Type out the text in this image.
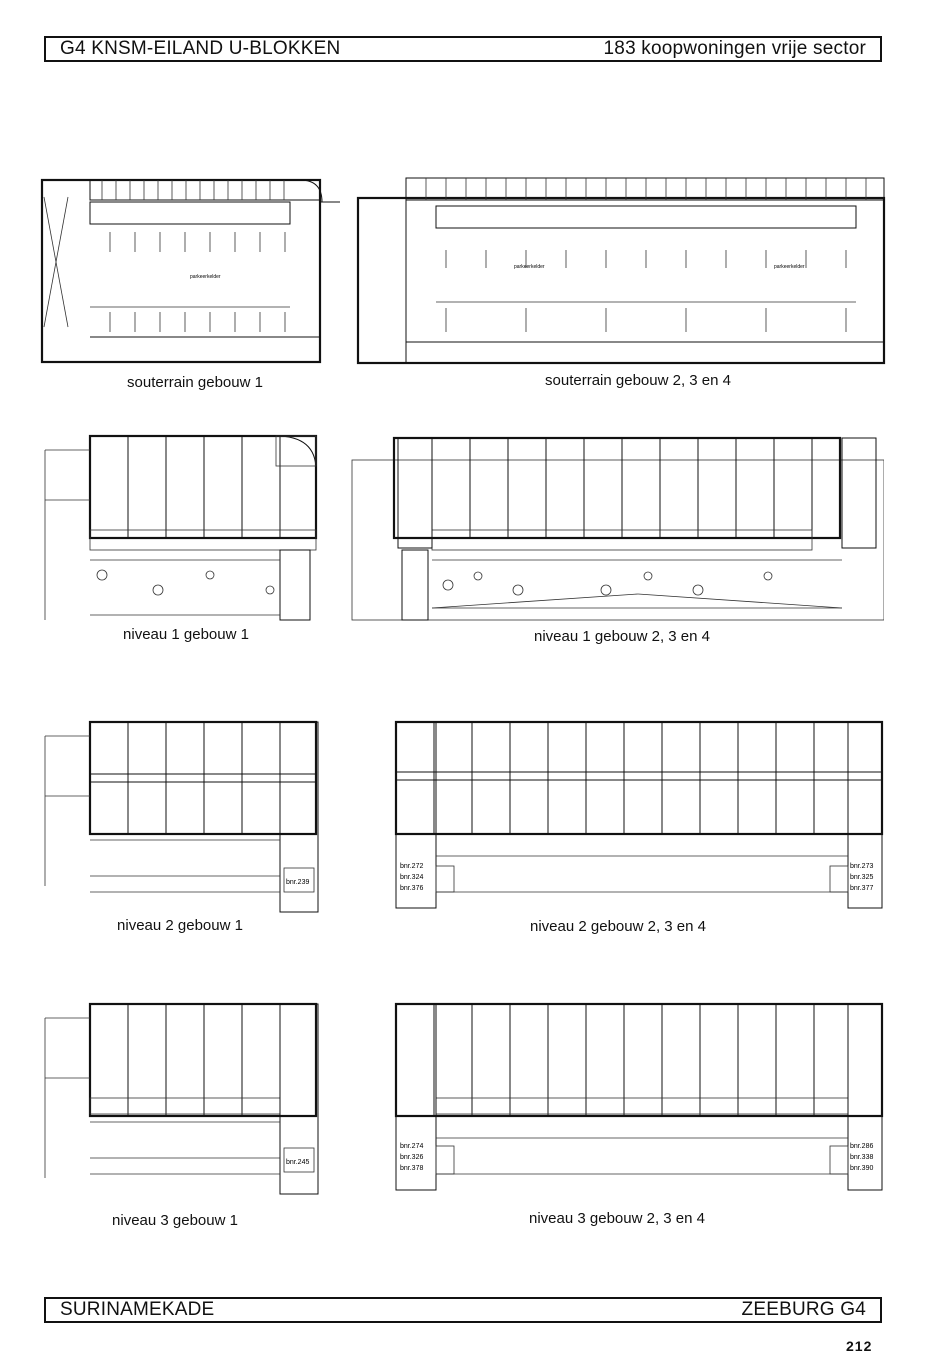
G4 KNSM-EILAND U-BLOKKEN	183 koopwoningen vrije sector
parkeerkelder
souterrain gebouw 1
parkeerkelder	parkeerkelder
souterrain gebouw 2, 3 en 4
niveau 1 gebouw 1	niveau 1 gebouw 2, 3 en 4
bnr.239
niveau 2 gebouw 1
bnr.272
bnr.324
bnr.376
bnr.273
bnr.325
bnr.377
niveau 2 gebouw 2, 3 en 4
bnr.245
niveau 3 gebouw 1
bnr.274
bnr.326
bnr.378
bnr.286
bnr.338
bnr.390
niveau 3 gebouw 2, 3 en 4
SURINAMEKADE	ZEEBURG G4
212
